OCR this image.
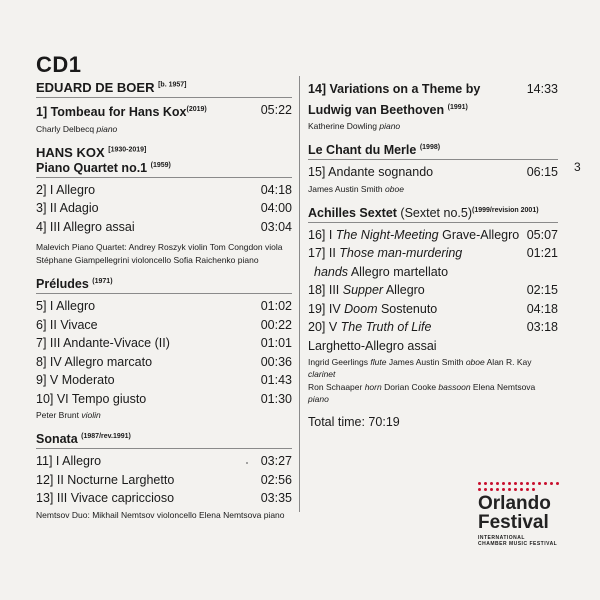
CD1
3
EDUARD DE BOER [b. 1957]
1] Tombeau for Hans Kox$^{(2019)}$	05:22
Charly Delbecq piano
HANS KOX [1930-2019]
Piano Quartet no.1 $^{(1959)}$
2] I Allegro	04:18
3] II Adagio	04:00
4] III Allegro assai	03:04
Malevich Piano Quartet: Andrey Roszyk violin Tom Congdon viola
Stéphane Giampellegrini violoncello Sofia Raichenko piano
Préludes $^{(1971)}$
5] I Allegro	01:02
6] II Vivace	00:22
7] III Andante-Vivace (II)	01:01
8] IV Allegro marcato	00:36
9] V Moderato	01:43
10] VI Tempo giusto	01:30
Peter Brunt violin
Sonata $^{(1987/rev.1991)}$
11] I Allegro	03:27
12] II Nocturne Larghetto	02:56
13] III Vivace capriccioso	03:35
Nemtsov Duo: Mikhail Nemtsov violoncello Elena Nemtsova piano
14] Variations on a Theme by	14:33
Ludwig van Beethoven $^{(1991)}$
Katherine Dowling piano
Le Chant du Merle $^{(1998)}$
15] Andante sognando	06:15
James Austin Smith oboe
Achilles Sextet (Sextet no.5)$^{(1999/revision 2001)}$
16] I The Night-Meeting Grave-Allegro 05:07
17] II Those man-murdering	01:21
hands Allegro martellato
18] III Supper Allegro	02:15
19] IV Doom Sostenuto	04:18
20] V The Truth of Life	03:18
Larghetto-Allegro assai
Ingrid Geerlings flute James Austin Smith oboe Alan R. Kay clarinet
Ron Schaaper horn Dorian Cooke bassoon Elena Nemtsova piano
Total time: 70:19
Orlando
Festival
INTERNATIONAL
CHAMBER MUSIC FESTIVAL
